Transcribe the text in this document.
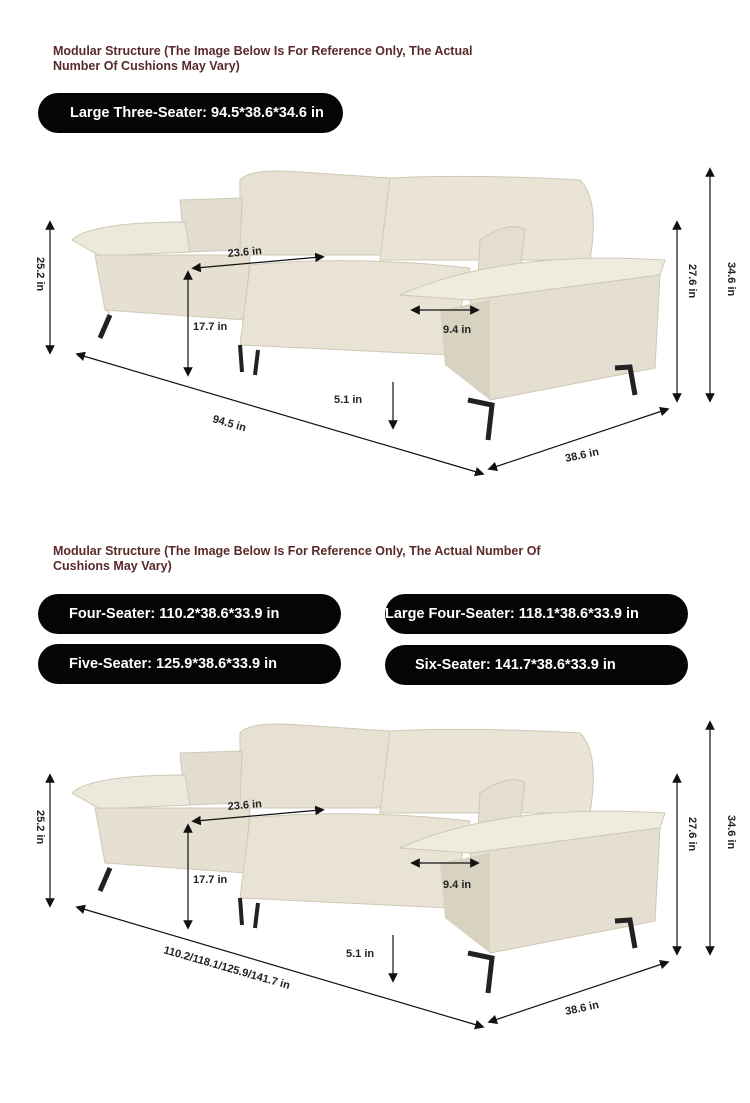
Modular Structure (The Image Below Is For Reference Only, The Actual Number Of Cushions May Vary)
Large Three-Seater: 94.5*38.6*34.6 in
23.6 in
17.7 in	9.4 in
5.1 in
94.5 in
38.6 in
25.2 in	27.6 in 34.6 in
Modular Structure (The Image Below Is For Reference Only, The Actual Number Of Cushions May Vary)
Four-Seater: 110.2*38.6*33.9 in	Large Four-Seater: 118.1*38.6*33.9 in
Five-Seater: 125.9*38.6*33.9 in	Six-Seater: 141.7*38.6*33.9 in
23.6 in
17.7 in	9.4 in
5.1 in
110.2/118.1/125.9/141.7 in
38.6 in
25.2 in	27.6 in 34.6 in
